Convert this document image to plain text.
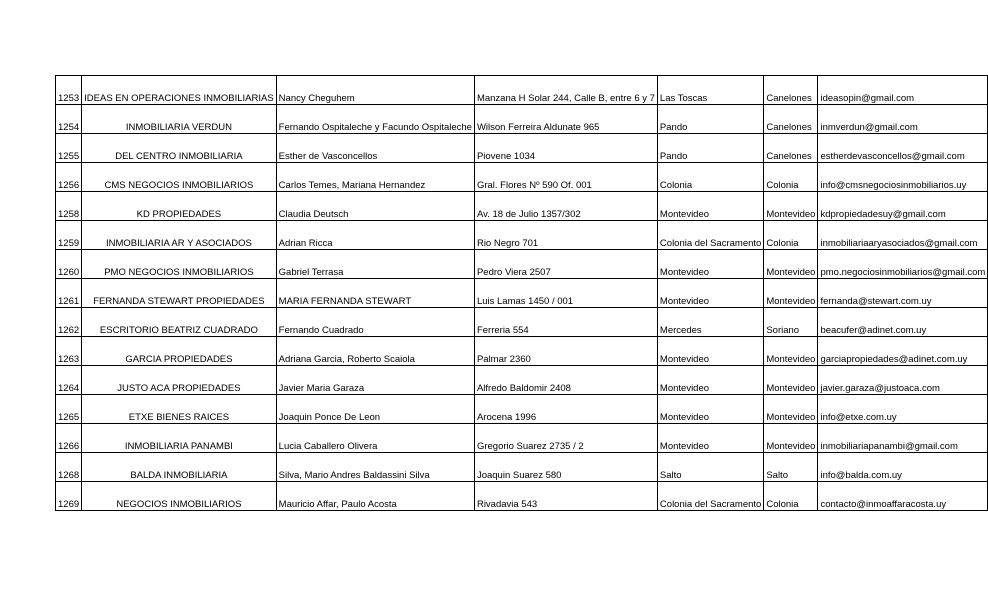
1253	IDEAS EN OPERACIONES INMOBILIARIAS	Nancy Cheguhem	Manzana H Solar 244, Calle B, entre 6 y 7	Las Toscas	Canelones	ideasopin@gmail.com

1254	INMOBILIARIA VERDUN	Fernando Ospitaleche y Facundo Ospitaleche	Wilson Ferreira Aldunate 965	Pando	Canelones	inmverdun@gmail.com

1255	DEL CENTRO INMOBILIARIA	Esther de Vasconcellos	Piovene 1034	Pando	Canelones	estherdevasconcellos@gmail.com

1256	CMS NEGOCIOS INMOBILIARIOS	Carlos Temes, Mariana Hernandez	Gral. Flores Nº 590 Of. 001	Colonia	Colonia	info@cmsnegociosinmobiliarios.uy

1258	KD PROPIEDADES	Claudia Deutsch	Av. 18 de Julio 1357/302	Montevideo	Montevideo	kdpropiedadesuy@gmail.com

1259	INMOBILIARIA AR Y ASOCIADOS	Adrian Ricca	Rio Negro 701	Colonia del Sacramento	Colonia	inmobiliariaaryasociados@gmail.com

1260	PMO NEGOCIOS INMOBILIARIOS	Gabriel Terrasa	Pedro Viera 2507	Montevideo	Montevideo	pmo.negociosinmobiliarios@gmail.com

1261	FERNANDA STEWART PROPIEDADES	MARIA FERNANDA STEWART	Luis Lamas 1450 / 001	Montevideo	Montevideo	fernanda@stewart.com.uy

1262	ESCRITORIO BEATRIZ CUADRADO	Fernando Cuadrado	Ferreria 554	Mercedes	Soriano	beacufer@adinet.com.uy

1263	GARCIA PROPIEDADES	Adriana Garcia, Roberto Scaiola	Palmar 2360	Montevideo	Montevideo	garciapropiedades@adinet.com.uy

1264	JUSTO ACA PROPIEDADES	Javier Maria Garaza	Alfredo Baldomir 2408	Montevideo	Montevideo	javier.garaza@justoaca.com

1265	ETXE BIENES RAICES	Joaquin Ponce De Leon	Arocena 1996	Montevideo	Montevideo	info@etxe.com.uy

1266	INMOBILIARIA PANAMBI	Lucia Caballero Olivera	Gregorio Suarez 2735 / 2	Montevideo	Montevideo	inmobiliariapanambi@gmail.com

1268	BALDA INMOBILIARIA	Silva, Mario Andres Baldassini Silva	Joaquin Suarez 580	Salto	Salto	info@balda.com.uy

1269	NEGOCIOS INMOBILIARIOS	Mauricio Affar, Paulo Acosta	Rivadavia 543	Colonia del Sacramento	Colonia	contacto@inmoaffaracosta.uy
